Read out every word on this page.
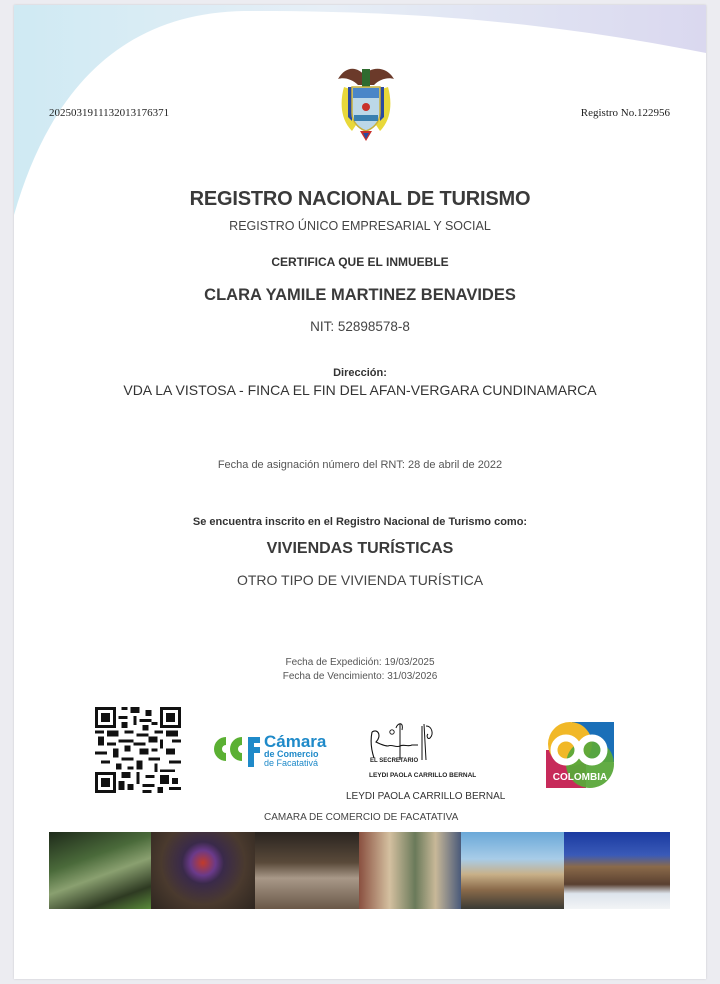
2025031911132013176371	Registro No.122956
REGISTRO NACIONAL DE TURISMO
REGISTRO ÚNICO EMPRESARIAL Y SOCIAL
CERTIFICA QUE EL INMUEBLE
CLARA YAMILE MARTINEZ BENAVIDES
NIT: 52898578-8
Dirección:
VDA LA VISTOSA - FINCA EL FIN DEL AFAN-VERGARA CUNDINAMARCA
Fecha de asignación número del RNT: 28 de abril de 2022
Se encuentra inscrito en el Registro Nacional de Turismo como:
VIVIENDAS TURÍSTICAS
OTRO TIPO DE VIVIENDA TURÍSTICA
Fecha de Expedición: 19/03/2025
Fecha de Vencimiento: 31/03/2026
Cámara
de Comercio
de Facatativá	EL SECRETARIO
LEYDI PAOLA CARRILLO BERNAL
LEYDI PAOLA CARRILLO BERNAL
CAMARA DE COMERCIO DE FACATATIVA
COLOMBIA
